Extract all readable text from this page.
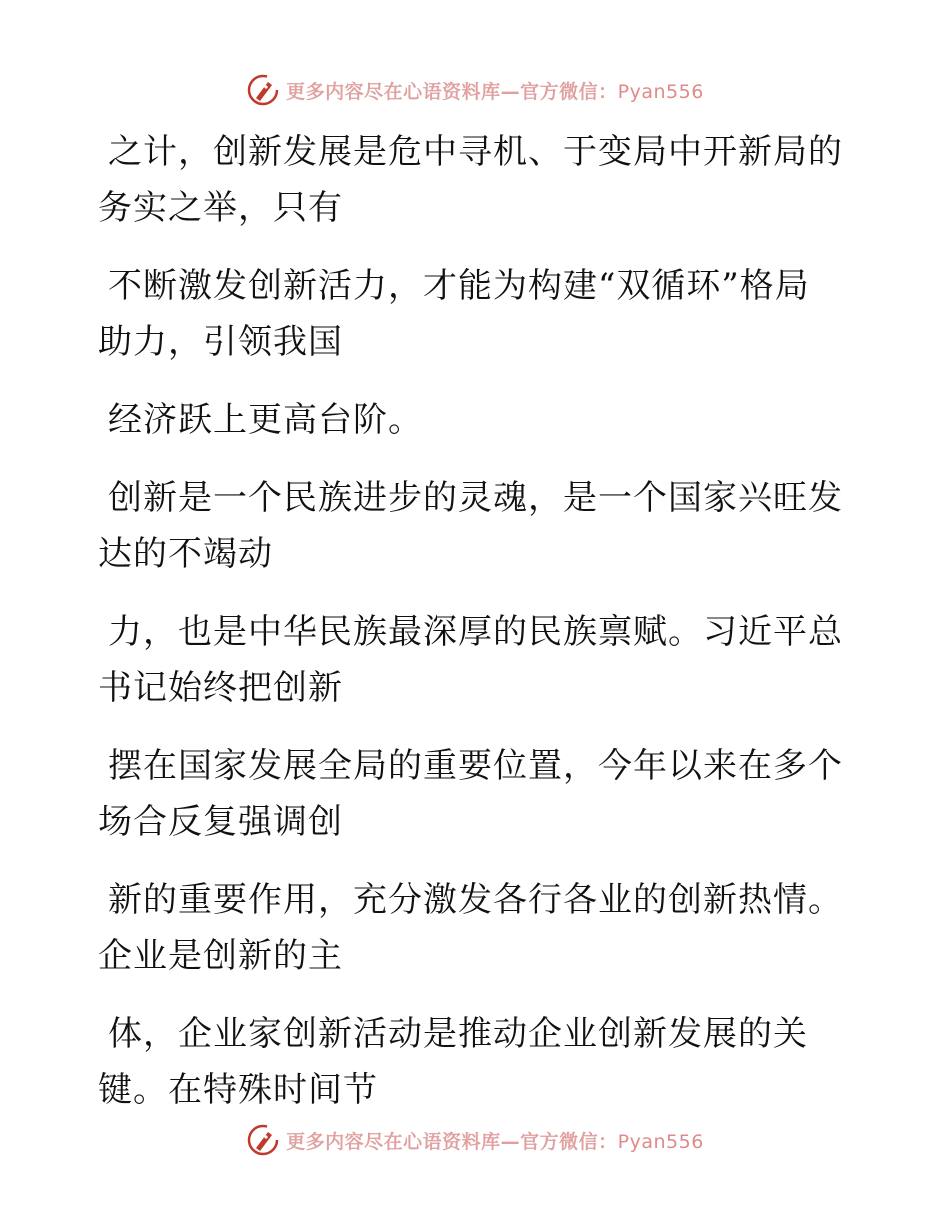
更多内容尽在心语资料库—官方微信：Pyan556
之计，创新发展是危中寻机、于变局中开新局的
务实之举，只有
不断激发创新活力，才能为构建“双循环”格局
助力，引领我国
经济跃上更高台阶。
创新是一个民族进步的灵魂，是一个国家兴旺发
达的不竭动
力，也是中华民族最深厚的民族禀赋。习近平总
书记始终把创新
摆在国家发展全局的重要位置，今年以来在多个
场合反复强调创
新的重要作用，充分激发各行各业的创新热情。
企业是创新的主
体，企业家创新活动是推动企业创新发展的关
键。在特殊时间节
更多内容尽在心语资料库—官方微信：Pyan556
